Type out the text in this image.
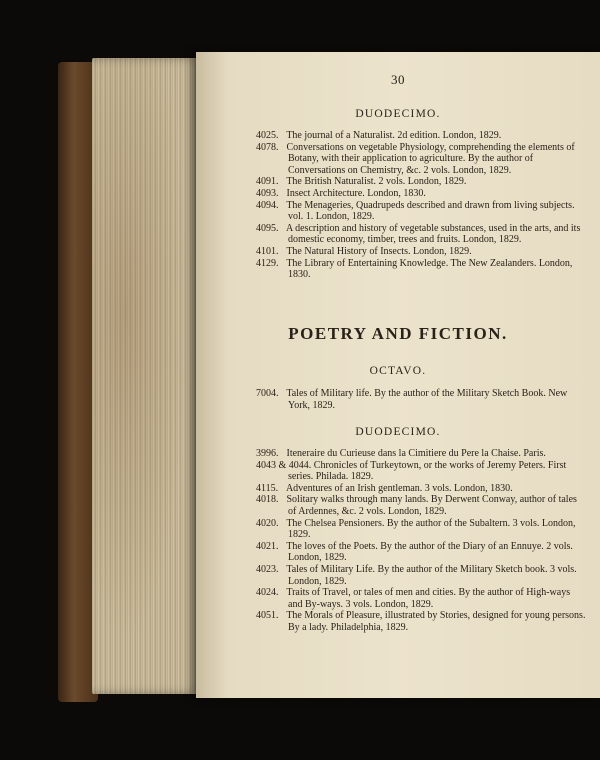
30
DUODECIMO.

4025. The journal of a Naturalist. 2d edition. London, 1829.

4078. Conversations on vegetable Physiology, comprehending the elements of Botany, with their application to agriculture. By the author of Conversations on Chemistry, &c. 2 vols. London, 1829.

4091. The British Naturalist. 2 vols. London, 1829.

4093. Insect Architecture. London, 1830.

4094. The Menageries, Quadrupeds described and drawn from living subjects. vol. 1. London, 1829.

4095. A description and history of vegetable substances, used in the arts, and its domestic economy, timber, trees and fruits. London, 1829.

4101. The Natural History of Insects. London, 1829.

4129. The Library of Entertaining Knowledge. The New Zealanders. London, 1830.

POETRY AND FICTION.
OCTAVO.

7004. Tales of Military life. By the author of the Military Sketch Book. New York, 1829.

DUODECIMO.

3996. Iteneraire du Curieuse dans la Cimitiere du Pere la Chaise. Paris.

4043 & 4044. Chronicles of Turkeytown, or the works of Jeremy Peters. First series. Philada. 1829.

4115. Adventures of an Irish gentleman. 3 vols. London, 1830.

4018. Solitary walks through many lands. By Derwent Conway, author of tales of Ardennes, &c. 2 vols. London, 1829.

4020. The Chelsea Pensioners. By the author of the Subaltern. 3 vols. London, 1829.

4021. The loves of the Poets. By the author of the Diary of an Ennuye. 2 vols. London, 1829.

4023. Tales of Military Life. By the author of the Military Sketch book. 3 vols. London, 1829.

4024. Traits of Travel, or tales of men and cities. By the author of High-ways and By-ways. 3 vols. London, 1829.

4051. The Morals of Pleasure, illustrated by Stories, designed for young persons. By a lady. Philadelphia, 1829.
